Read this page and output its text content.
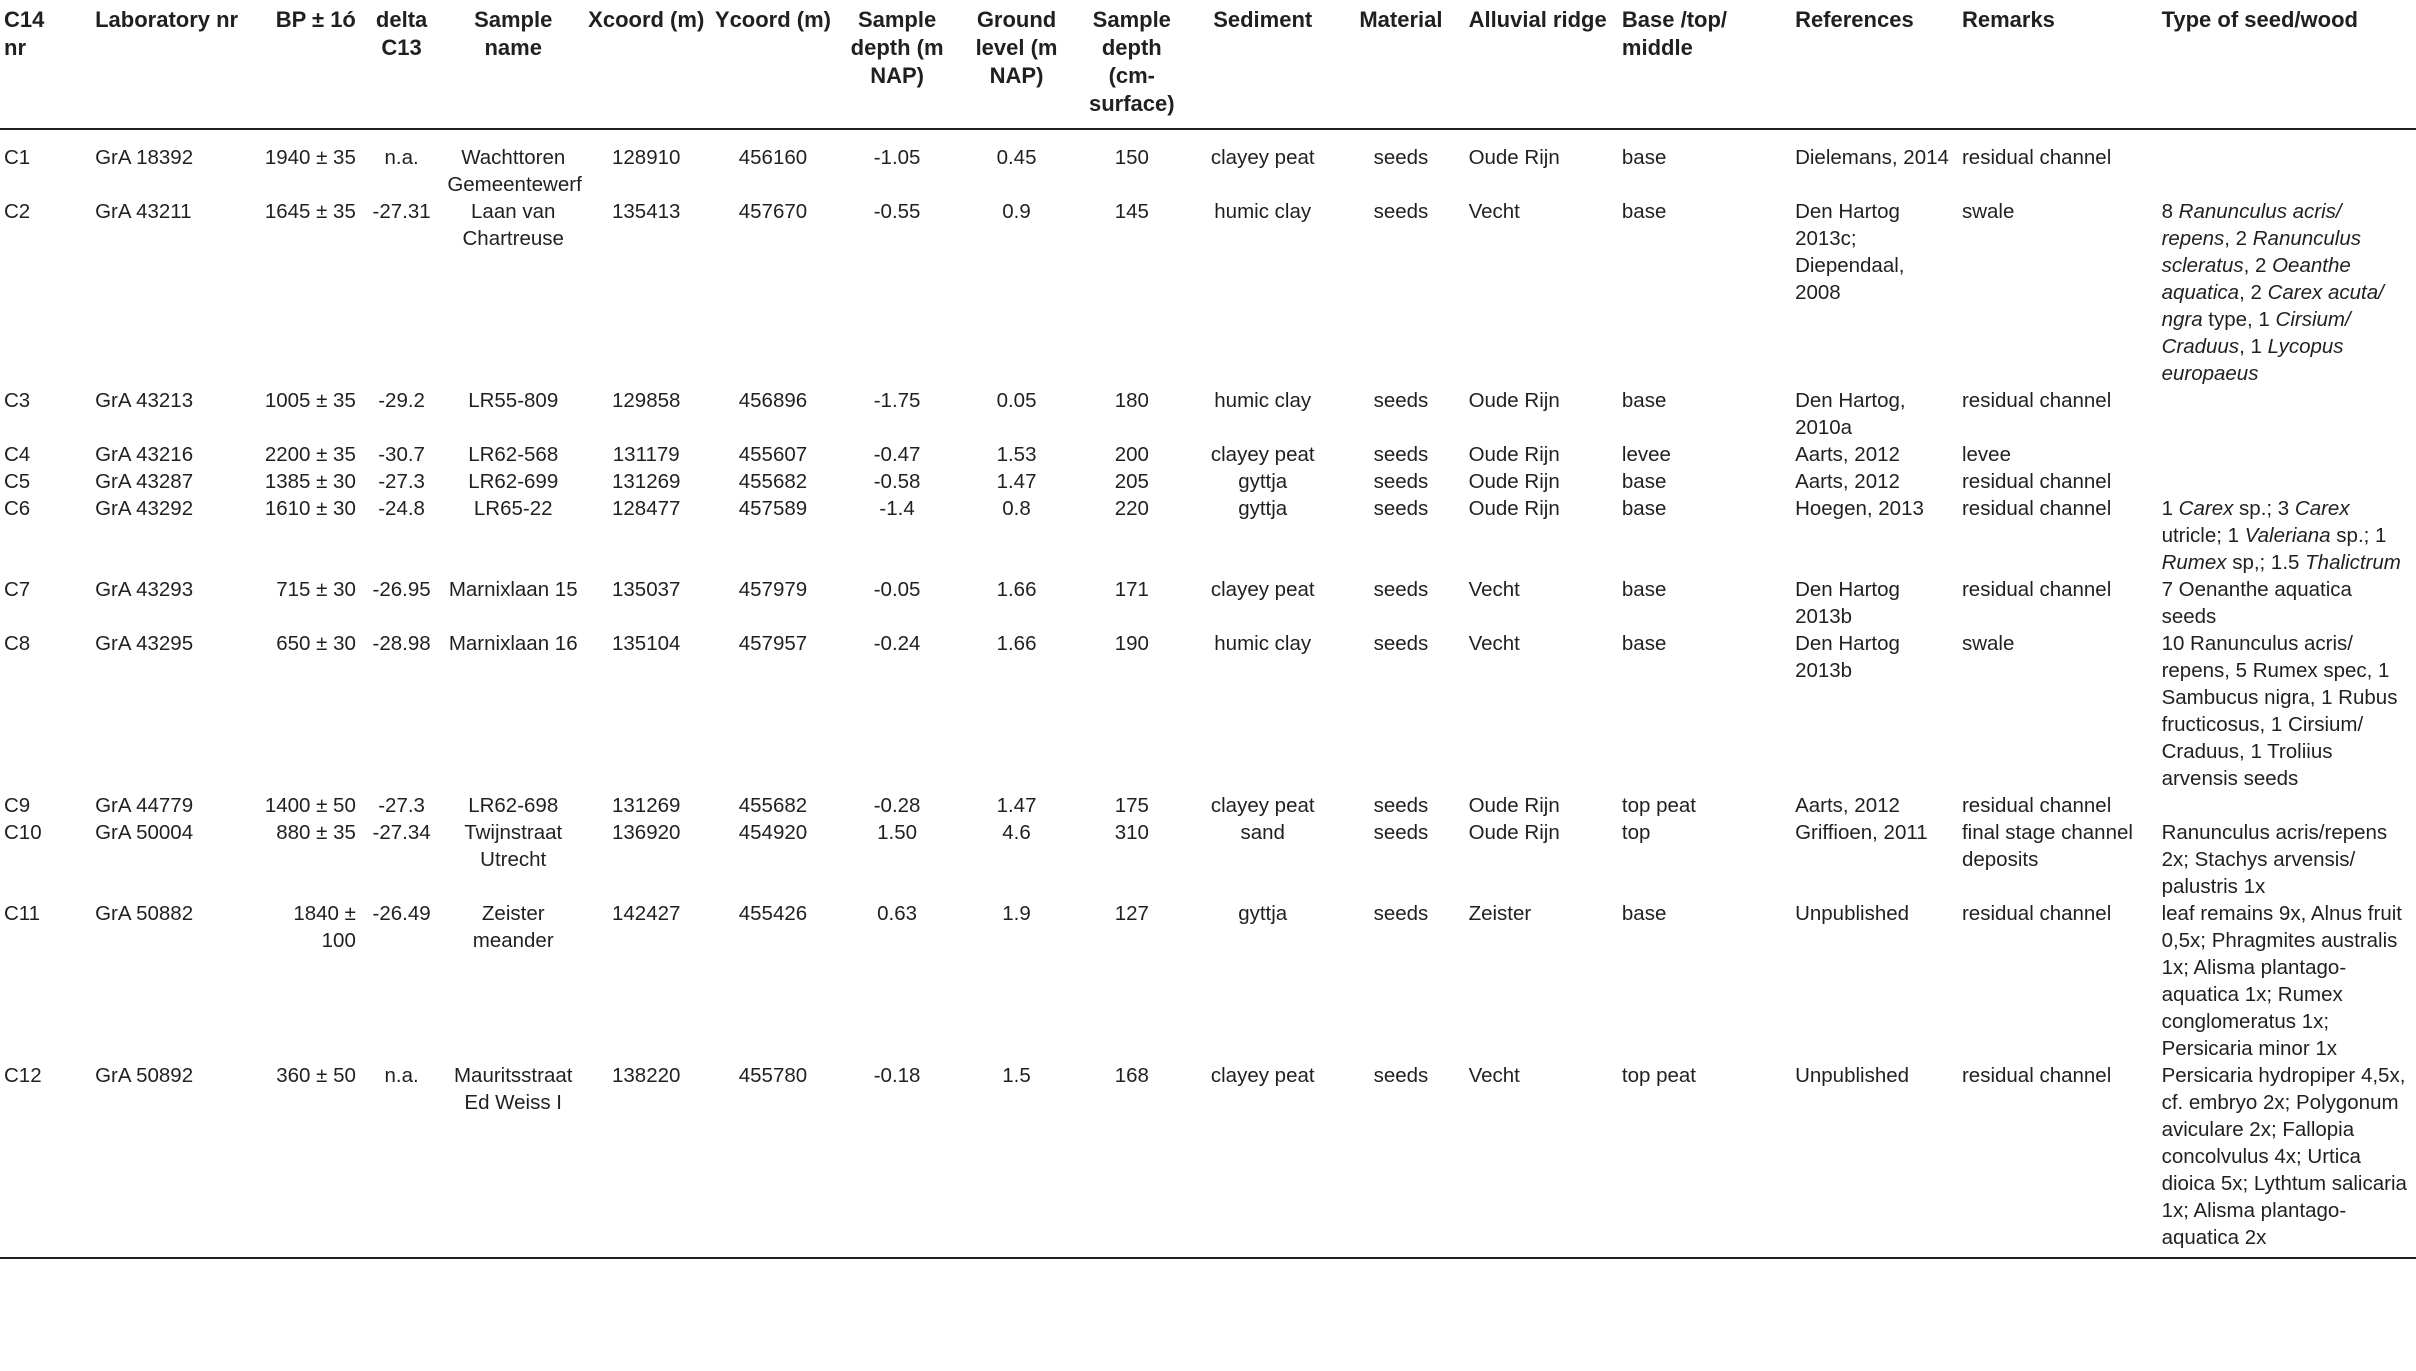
C14 nr	Laboratory nr	BP ± 1ó	delta C13	Sample name	Xcoord (m)	Ycoord (m)	Sample depth (m NAP)	Ground level (m NAP)	Sample depth (cm-surface)	Sediment	Material	Alluvial ridge	Base /top/ middle	References	Remarks	Type of seed/wood
C1	GrA 18392	1940 ± 35	n.a.	Wachttoren Gemeentewerf	128910	456160	-1.05	0.45	150	clayey peat	seeds	Oude Rijn	base	Dielemans, 2014	residual channel	
C2	GrA 43211	1645 ± 35	-27.31	Laan van Chartreuse	135413	457670	-0.55	0.9	145	humic clay	seeds	Vecht	base	Den Hartog 2013c; Diependaal, 2008	swale	8 Ranunculus acris/ repens, 2 Ranunculus scleratus, 2 Oeanthe aquatica, 2 Carex acuta/ ngra type, 1 Cirsium/ Craduus, 1 Lycopus europaeus
C3	GrA 43213	1005 ± 35	-29.2	LR55-809	129858	456896	-1.75	0.05	180	humic clay	seeds	Oude Rijn	base	Den Hartog, 2010a	residual channel	
C4	GrA 43216	2200 ± 35	-30.7	LR62-568	131179	455607	-0.47	1.53	200	clayey peat	seeds	Oude Rijn	levee	Aarts, 2012	levee	
C5	GrA 43287	1385 ± 30	-27.3	LR62-699	131269	455682	-0.58	1.47	205	gyttja	seeds	Oude Rijn	base	Aarts, 2012	residual channel	
C6	GrA 43292	1610 ± 30	-24.8	LR65-22	128477	457589	-1.4	0.8	220	gyttja	seeds	Oude Rijn	base	Hoegen, 2013	residual channel	1 Carex sp.; 3 Carex utricle; 1 Valeriana sp.; 1 Rumex sp,; 1.5 Thalictrum
C7	GrA 43293	715 ± 30	-26.95	Marnixlaan 15	135037	457979	-0.05	1.66	171	clayey peat	seeds	Vecht	base	Den Hartog 2013b	residual channel	7 Oenanthe aquatica seeds
C8	GrA 43295	650 ± 30	-28.98	Marnixlaan 16	135104	457957	-0.24	1.66	190	humic clay	seeds	Vecht	base	Den Hartog 2013b	swale	10 Ranunculus acris/ repens, 5 Rumex spec, 1 Sambucus nigra, 1 Rubus fructicosus, 1 Cirsium/ Craduus, 1 Troliius arvensis seeds
C9	GrA 44779	1400 ± 50	-27.3	LR62-698	131269	455682	-0.28	1.47	175	clayey peat	seeds	Oude Rijn	top peat	Aarts, 2012	residual channel	
C10	GrA 50004	880 ± 35	-27.34	Twijnstraat Utrecht	136920	454920	1.50	4.6	310	sand	seeds	Oude Rijn	top	Griffioen, 2011	final stage channel deposits	Ranunculus acris/repens 2x; Stachys arvensis/ palustris 1x
C11	GrA 50882	1840 ± 100	-26.49	Zeister meander	142427	455426	0.63	1.9	127	gyttja	seeds	Zeister	base	Unpublished	residual channel	leaf remains 9x, Alnus fruit 0,5x; Phragmites australis 1x; Alisma plantago-aquatica 1x; Rumex conglomeratus 1x; Persicaria minor 1x
C12	GrA 50892	360 ± 50	n.a.	Mauritsstraat Ed Weiss I	138220	455780	-0.18	1.5	168	clayey peat	seeds	Vecht	top peat	Unpublished	residual channel	Persicaria hydropiper 4,5x, cf. embryo 2x; Polygonum aviculare 2x; Fallopia concolvulus 4x; Urtica dioica 5x; Lythtum salicaria 1x; Alisma plantago-aquatica 2x
